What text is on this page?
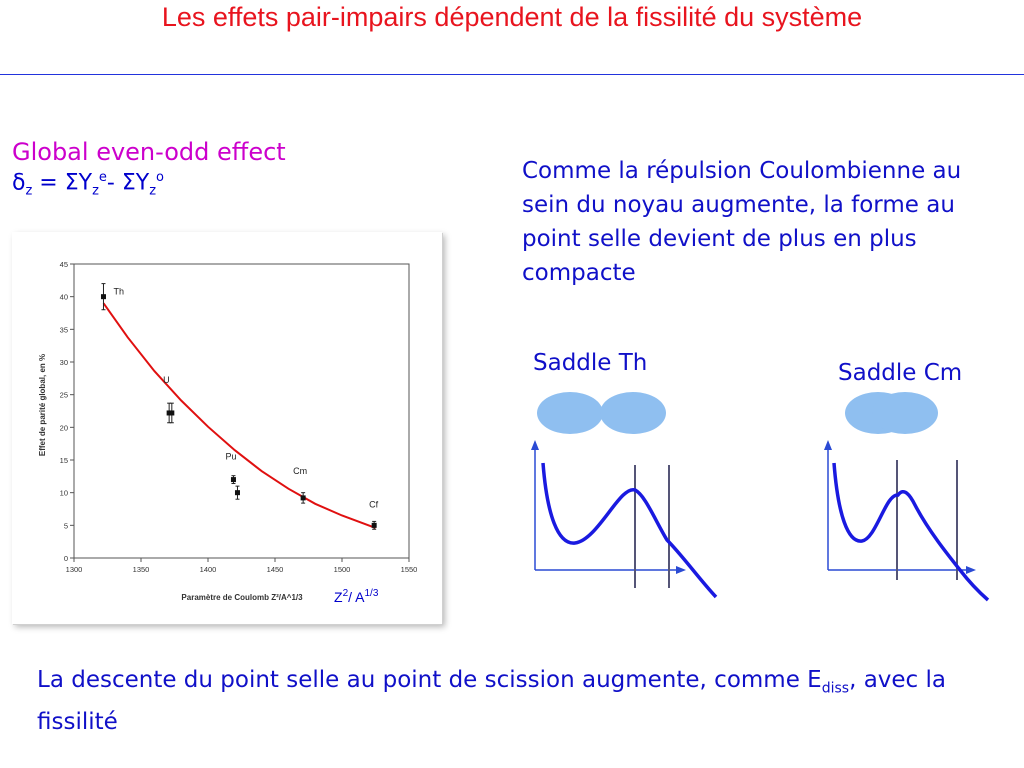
Les effets pair-impairs dépendent de la fissilité du système
Global even-odd effect
$\delta_z = \Sigma Y_z^e-$ $\Sigma Y_z^o$	Comme la répulsion Coulombienne au sein du noyau augmente, la forme au point selle devient de plus en plus compacte
1300	1350	1400	1450	1500	1550
0
5
10
15
20
25
30
35
40
45
Th
U
Pu
Cm
Cf
Effet de parité global, en %
Paramètre de Coulomb Z²/A^1/3 $Z^2/$ $A^{1/3}$
Saddle Th	Saddle Cm
La descente du point selle au point de scission augmente, comme $E_{diss}$, avec la fissilité
